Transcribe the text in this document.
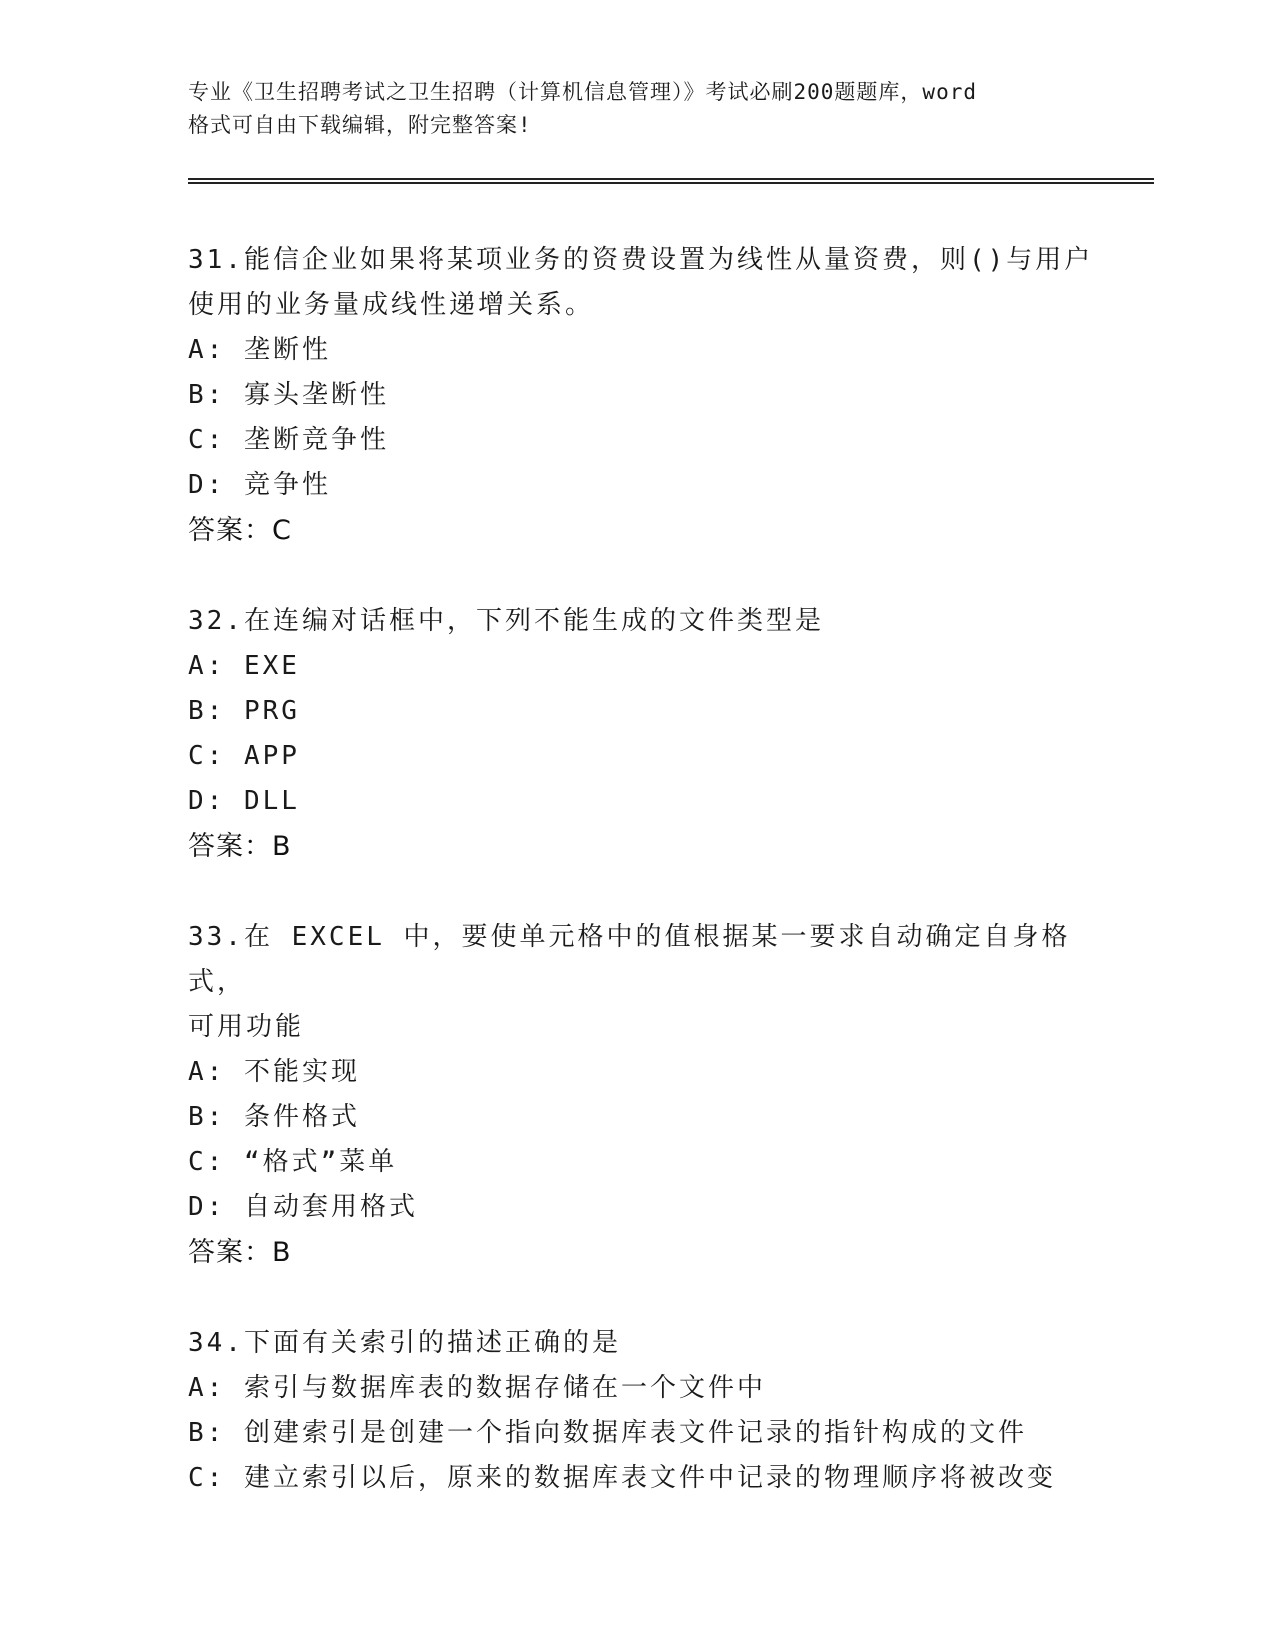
专业《卫生招聘考试之卫生招聘（计算机信息管理）》考试必刷200题题库，word
格式可自由下载编辑，附完整答案!

31.能信企业如果将某项业务的资费设置为线性从量资费，则()与用户

使用的业务量成线性递增关系。

A: 垄断性

B: 寡头垄断性

C: 垄断竞争性

D: 竞争性

答案：C

32.在连编对话框中，下列不能生成的文件类型是

A: EXE

B: PRG

C: APP

D: DLL

答案：B

33.在 EXCEL 中，要使单元格中的值根据某一要求自动确定自身格式，

可用功能

A: 不能实现

B: 条件格式

C: “格式”菜单

D: 自动套用格式

答案：B

34.下面有关索引的描述正确的是

A: 索引与数据库表的数据存储在一个文件中

B: 创建索引是创建一个指向数据库表文件记录的指针构成的文件

C: 建立索引以后，原来的数据库表文件中记录的物理顺序将被改变
